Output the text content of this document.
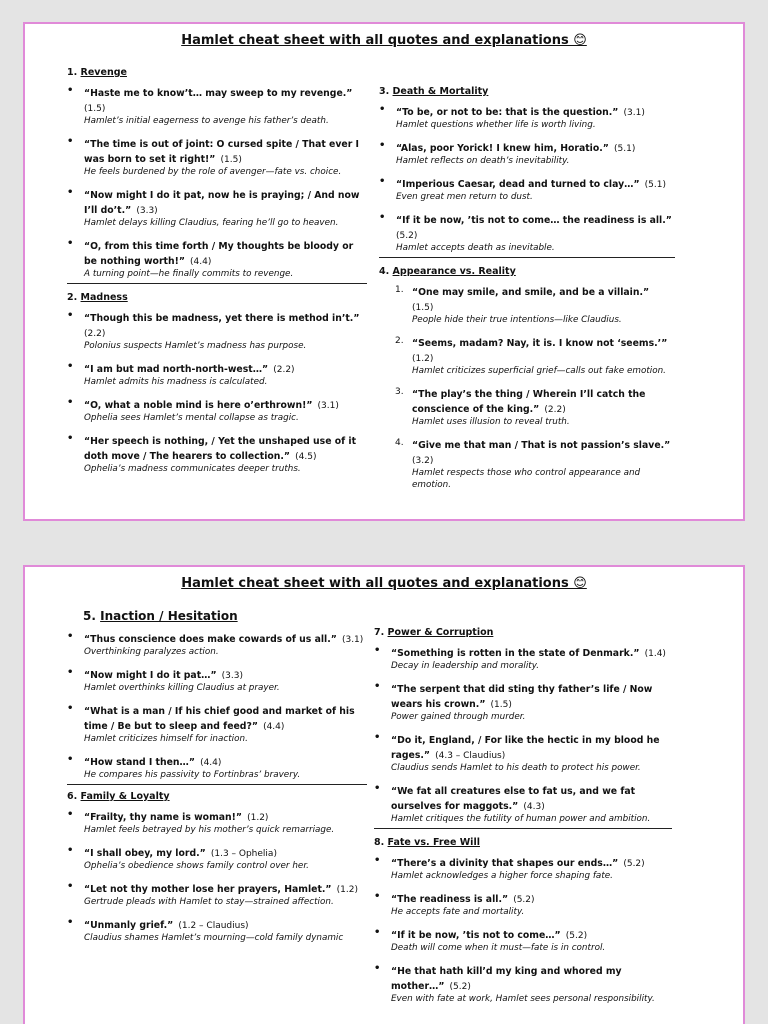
Hamlet cheat sheet with all quotes and explanations 😊
1. Revenge
• “Haste me to know’t… may sweep to my revenge.” (1.5)
Hamlet’s initial eagerness to avenge his father’s death.
• “The time is out of joint: O cursed spite / That ever I was born to set it right!” (1.5)
He feels burdened by the role of avenger—fate vs. choice.
• “Now might I do it pat, now he is praying; / And now I’ll do’t.” (3.3)
Hamlet delays killing Claudius, fearing he’ll go to heaven.
• “O, from this time forth / My thoughts be bloody or be nothing worth!” (4.4)
A turning point—he finally commits to revenge.
2. Madness
• “Though this be madness, yet there is method in’t.” (2.2)
Polonius suspects Hamlet’s madness has purpose.
• “I am but mad north-north-west…” (2.2)
Hamlet admits his madness is calculated.
• “O, what a noble mind is here o’erthrown!” (3.1)
Ophelia sees Hamlet’s mental collapse as tragic.
• “Her speech is nothing, / Yet the unshaped use of it doth move / The hearers to collection.” (4.5)
Ophelia’s madness communicates deeper truths.
3. Death & Mortality
• “To be, or not to be: that is the question.” (3.1)
Hamlet questions whether life is worth living.
• “Alas, poor Yorick! I knew him, Horatio.” (5.1)
Hamlet reflects on death’s inevitability.
• “Imperious Caesar, dead and turned to clay…” (5.1)
Even great men return to dust.
• “If it be now, ’tis not to come… the readiness is all.” (5.2)
Hamlet accepts death as inevitable.
4. Appearance vs. Reality
1. “One may smile, and smile, and be a villain.” (1.5)
People hide their true intentions—like Claudius.
2. “Seems, madam? Nay, it is. I know not ‘seems.’” (1.2)
Hamlet criticizes superficial grief—calls out fake emotion.
3. “The play’s the thing / Wherein I’ll catch the conscience of the king.” (2.2)
Hamlet uses illusion to reveal truth.
4. “Give me that man / That is not passion’s slave.” (3.2)
Hamlet respects those who control appearance and emotion.
Hamlet cheat sheet with all quotes and explanations 😊
5. Inaction / Hesitation
• “Thus conscience does make cowards of us all.” (3.1)
Overthinking paralyzes action.
• “Now might I do it pat…” (3.3)
Hamlet overthinks killing Claudius at prayer.
• “What is a man / If his chief good and market of his time / Be but to sleep and feed?” (4.4)
Hamlet criticizes himself for inaction.
• “How stand I then…” (4.4)
He compares his passivity to Fortinbras’ bravery.
6. Family & Loyalty
• “Frailty, thy name is woman!” (1.2)
Hamlet feels betrayed by his mother’s quick remarriage.
• “I shall obey, my lord.” (1.3 – Ophelia)
Ophelia’s obedience shows family control over her.
• “Let not thy mother lose her prayers, Hamlet.” (1.2)
Gertrude pleads with Hamlet to stay—strained affection.
• “Unmanly grief.” (1.2 – Claudius)
Claudius shames Hamlet’s mourning—cold family dynamic
7. Power & Corruption
• “Something is rotten in the state of Denmark.” (1.4)
Decay in leadership and morality.
• “The serpent that did sting thy father’s life / Now wears his crown.” (1.5)
Power gained through murder.
• “Do it, England, / For like the hectic in my blood he rages.” (4.3 – Claudius)
Claudius sends Hamlet to his death to protect his power.
• “We fat all creatures else to fat us, and we fat ourselves for maggots.” (4.3)
Hamlet critiques the futility of human power and ambition.
8. Fate vs. Free Will
• “There’s a divinity that shapes our ends…” (5.2)
Hamlet acknowledges a higher force shaping fate.
• “The readiness is all.” (5.2)
He accepts fate and mortality.
• “If it be now, ’tis not to come…” (5.2)
Death will come when it must—fate is in control.
• “He that hath kill’d my king and whored my mother…” (5.2)
Even with fate at work, Hamlet sees personal responsibility.
